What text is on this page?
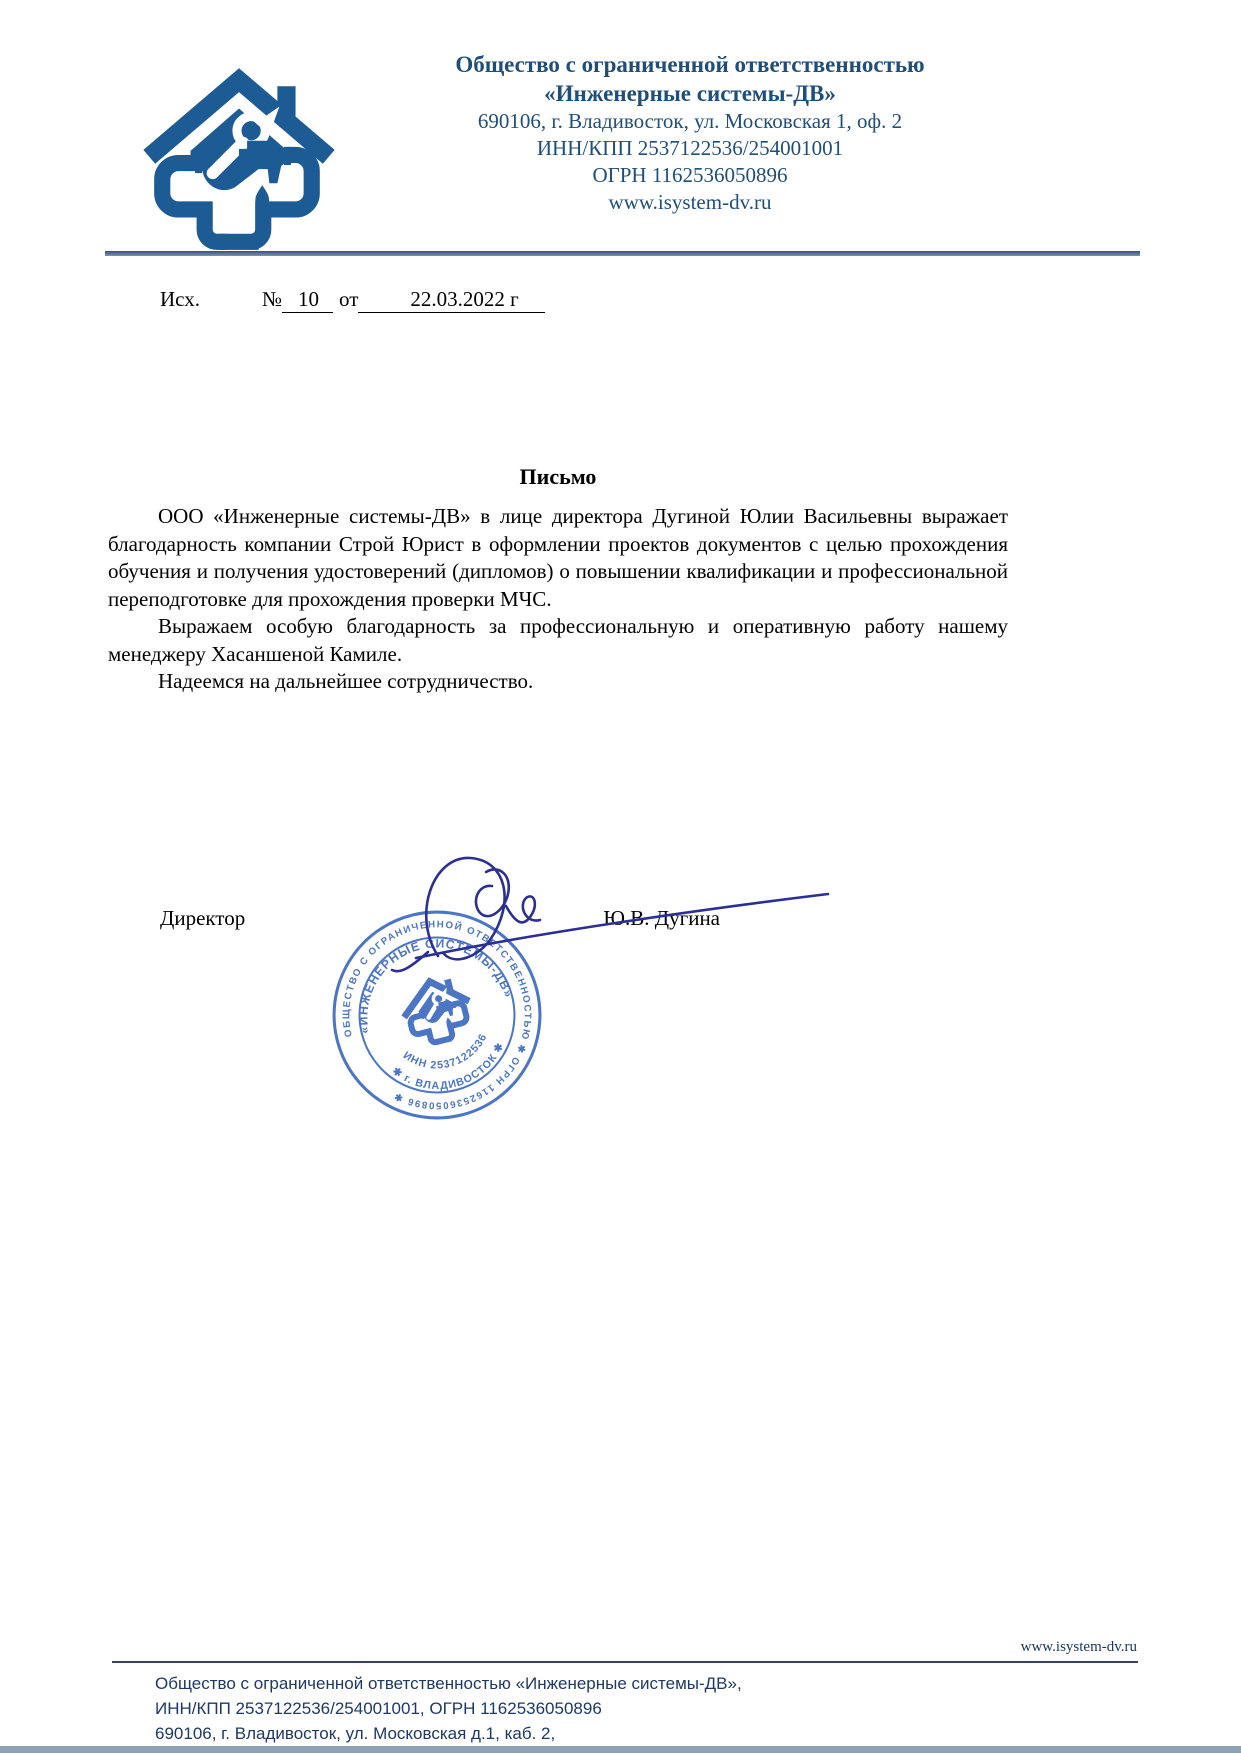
Общество с ограниченной ответственностью
«Инженерные системы-ДВ»
690106, г. Владивосток, ул. Московская 1, оф. 2
ИНН/КПП 2537122536/254001001
ОГРН 1162536050896
www.isystem-dv.ru
Исх.	№ 10 от 22.03.2022 г
Письмо

ООО «Инженерные системы-ДВ» в лице директора Дугиной Юлии Васильевны выражает благодарность компании Строй Юрист в оформлении проектов документов с целью прохождения обучения и получения удостоверений (дипломов) о повышении квалификации и профессиональной переподготовке для прохождения проверки МЧС.

Выражаем особую благодарность за профессиональную и оперативную работу нашему менеджеру Хасаншеной Камиле.

Надеемся на дальнейшее сотрудничество.

Директор	Ю.В. Дугина
ОБЩЕСТВО С ОГРАНИЧЕННОЙ ОТВЕТСТВЕННОСТЬЮ ✱ ОГРН 1162536050896 ✱
«ИНЖЕНЕРНЫЕ СИСТЕМЫ-ДВ»
ИНН 2537122536
✱ г. ВЛАДИВОСТОК ✱
www.isystem-dv.ru
Общество с ограниченной ответственностью «Инженерные системы-ДВ»,
ИНН/КПП 2537122536/254001001, ОГРН 1162536050896
690106, г. Владивосток, ул. Московская д.1, каб. 2,
